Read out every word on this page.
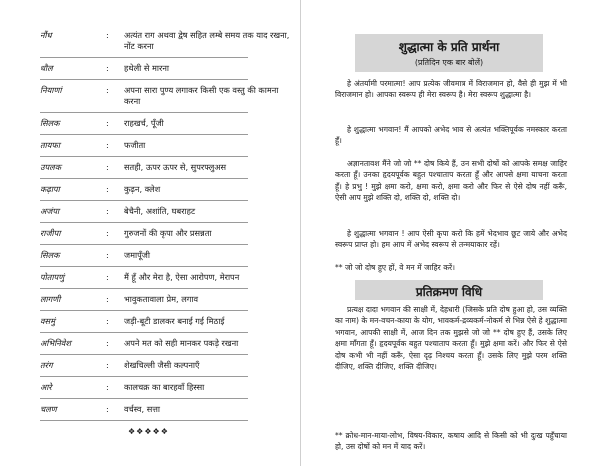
नौंध	:	अत्यंत राग अथवा द्वेष सहित लम्बे समय तक याद रखना, नोंट करना
धौल	:	हथेली से मारना
नियाणां	:	अपना सारा पुण्य लगाकर किसी एक वस्तु की कामना करना
सिलक	:	राहखर्च, पूँजी
तायफा	:	फजीता
उपलक	:	सतही, ऊपर ऊपर से, सुपरफ्लुअस
कढ़ापा	:	कुढ़न, क्लेश
अजंपा	:	बेचैनी, अशांति, घबराहट
राजीपा	:	गुरुजनों की कृपा और प्रसन्नता
सिलक	:	जमापूँजी
पोतापणुं	:	मैं हूँ और मेरा है, ऐसा आरोपण, मेरापन
लागणी	:	भावुकतावाला प्रेम, लगाव
वसमुं	:	जड़ी-बूटी डालकर बनाई गई मिठाई
अभिनिवेश	:	अपने मत को सही मानकर पकड़े रखना
तरंग	:	शेखचिल्ली जैसी कल्पनाएँ
आरे	:	कालचक्र का बारहवाँ हिस्सा
चलण	:	वर्चस्व, सत्ता
❖❖❖❖❖
शुद्धात्मा के प्रति प्रार्थना
(प्रतिदिन एक बार बोलें)
हे अंतर्यामी परमात्मा! आप प्रत्येक जीवमात्र में विराजमान हो, वैसे ही मुझ में भी विराजमान हो। आपका स्वरूप ही मेरा स्वरूप है। मेरा स्वरूप शुद्धात्मा है।
हे शुद्धात्मा भगवान! मैं आपको अभेद भाव से अत्यंत भक्तिपूर्वक नमस्कार करता हूँ।
अज्ञानतावश मैंने जो जो ** दोष किये हैं, उन सभी दोषों को आपके समक्ष जाहिर करता हूँ। उनका हृदयपूर्वक बहुत पश्चाताप करता हूँ और आपसे क्षमा याचना करता हूँ। हे प्रभु ! मुझे क्षमा करो, क्षमा करो, क्षमा करो और फिर से ऐसे दोष नहीं करूँ, ऐसी आप मुझे शक्ति दो, शक्ति दो, शक्ति दो।
हे शुद्धात्मा भगवान ! आप ऐसी कृपा करो कि हमें भेदभाव छूट जाये और अभेद स्वरूप प्राप्त हो। हम आप में अभेद स्वरूप से तन्मयाकार रहें।
** जो जो दोष हुए हों, वे मन में जाहिर करें।
प्रतिक्रमण विधि
प्रत्यक्ष दादा भगवान की साक्षी में, देहधारी (जिसके प्रति दोष हुआ हो, उस व्यक्ति का नाम) के मन-वचन-काया के योग, भावकर्म-द्रव्यकर्म-नोकर्म से भिन्न ऐसे हे शुद्धात्मा भगवान, आपकी साक्षी में, आज दिन तक मुझसे जो जो ** दोष हुए हैं, उसके लिए क्षमा माँगता हूँ। हृदयपूर्वक बहुत पश्चाताप करता हूँ। मुझे क्षमा करें। और फिर से ऐसे दोष कभी भी नहीं करूँ, ऐसा दृढ़ निश्चय करता हूँ। उसके लिए मुझे परम शक्ति दीजिए, शक्ति दीजिए, शक्ति दीजिए।
** क्रोध-मान-माया-लोभ, विषय-विकार, कषाय आदि से किसी को भी दुःख पहुँचाया हो, उस दोषों को मन में याद करें।
